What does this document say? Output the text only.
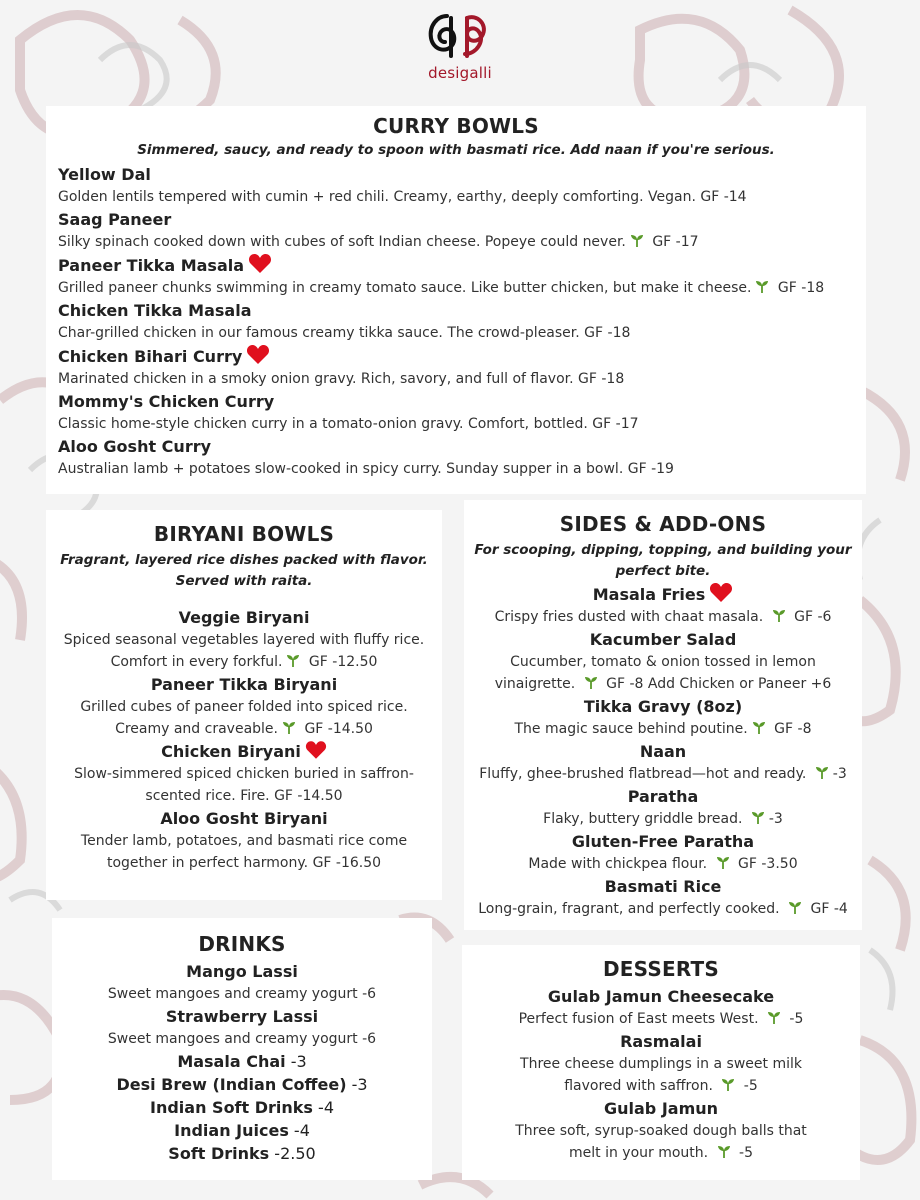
desigalli
CURRY BOWLS
Simmered, saucy, and ready to spoon with basmati rice. Add naan if you're serious.
Yellow Dal
Golden lentils tempered with cumin + red chili. Creamy, earthy, deeply comforting. Vegan. GF -14
Saag Paneer
Silky spinach cooked down with cubes of soft Indian cheese. Popeye could never. GF -17
Paneer Tikka Masala
Grilled paneer chunks swimming in creamy tomato sauce. Like butter chicken, but make it cheese. GF -18
Chicken Tikka Masala
Char-grilled chicken in our famous creamy tikka sauce. The crowd-pleaser. GF -18
Chicken Bihari Curry
Marinated chicken in a smoky onion gravy. Rich, savory, and full of flavor. GF -18
Mommy's Chicken Curry
Classic home-style chicken curry in a tomato-onion gravy. Comfort, bottled. GF -17
Aloo Gosht Curry
Australian lamb + potatoes slow-cooked in spicy curry. Sunday supper in a bowl. GF -19
BIRYANI BOWLS
Fragrant, layered rice dishes packed with flavor.
Served with raita.
Veggie Biryani
Spiced seasonal vegetables layered with fluffy rice.
Comfort in every forkful. GF -12.50
Paneer Tikka Biryani
Grilled cubes of paneer folded into spiced rice.
Creamy and craveable. GF -14.50
Chicken Biryani
Slow-simmered spiced chicken buried in saffron-
scented rice. Fire. GF -14.50
Aloo Gosht Biryani
Tender lamb, potatoes, and basmati rice come
together in perfect harmony. GF -16.50
SIDES & ADD-ONS
For scooping, dipping, topping, and building your
perfect bite.
Masala Fries
Crispy fries dusted with chaat masala.  GF -6
Kacumber Salad
Cucumber, tomato & onion tossed in lemon
vinaigrette.  GF -8 Add Chicken or Paneer +6
Tikka Gravy (8oz)
The magic sauce behind poutine. GF -8
Naan
Fluffy, ghee-brushed flatbread—hot and ready. -3
Paratha
Flaky, buttery griddle bread. -3
Gluten-Free Paratha
Made with chickpea flour.  GF -3.50
Basmati Rice
Long-grain, fragrant, and perfectly cooked.  GF -4
DRINKS
Mango Lassi
Sweet mangoes and creamy yogurt -6
Strawberry Lassi
Sweet mangoes and creamy yogurt -6
Masala Chai -3
Desi Brew (Indian Coffee) -3
Indian Soft Drinks -4
Indian Juices -4
Soft Drinks -2.50
DESSERTS
Gulab Jamun Cheesecake
Perfect fusion of East meets West.  -5
Rasmalai
Three cheese dumplings in a sweet milk
flavored with saffron.  -5
Gulab Jamun
Three soft, syrup-soaked dough balls that
melt in your mouth.  -5
